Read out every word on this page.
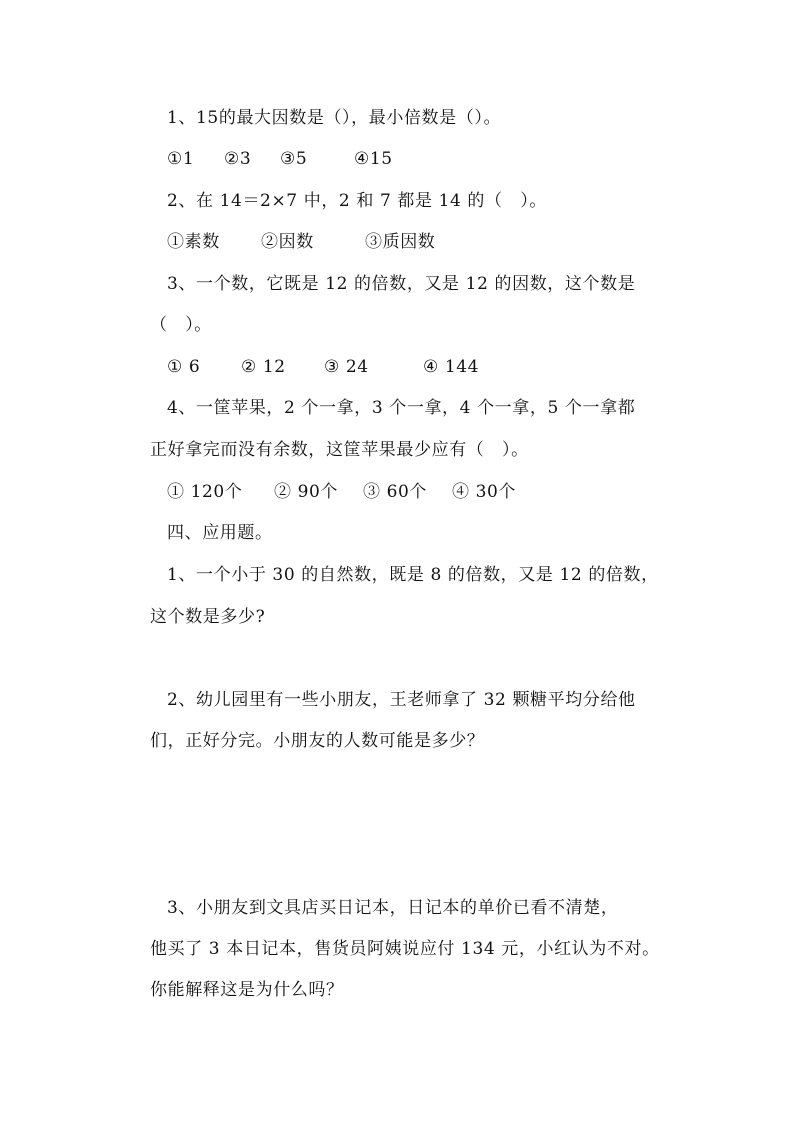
1、15的最大因数是（），最小倍数是（）。
①1 ②3 ③5	④15
2、在 14＝2×7 中，2 和 7 都是 14 的（　）。
①素数 ②因数	③质因数
3、一个数，它既是 12 的倍数，又是 12 的因数，这个数是
（　）。
① 6 ② 12 ③ 24	④ 144
4、一筐苹果，2 个一拿，3 个一拿，4 个一拿，5 个一拿都
正好拿完而没有余数，这筐苹果最少应有（　）。
① 120个 ② 90个 ③ 60个 ④ 30个
四、应用题。
1、一个小于 30 的自然数，既是 8 的倍数，又是 12 的倍数，
这个数是多少?
2、幼儿园里有一些小朋友，王老师拿了 32 颗糖平均分给他
们，正好分完。小朋友的人数可能是多少？
3、小朋友到文具店买日记本，日记本的单价已看不清楚，
他买了 3 本日记本，售货员阿姨说应付 134 元，小红认为不对。
你能解释这是为什么吗？
